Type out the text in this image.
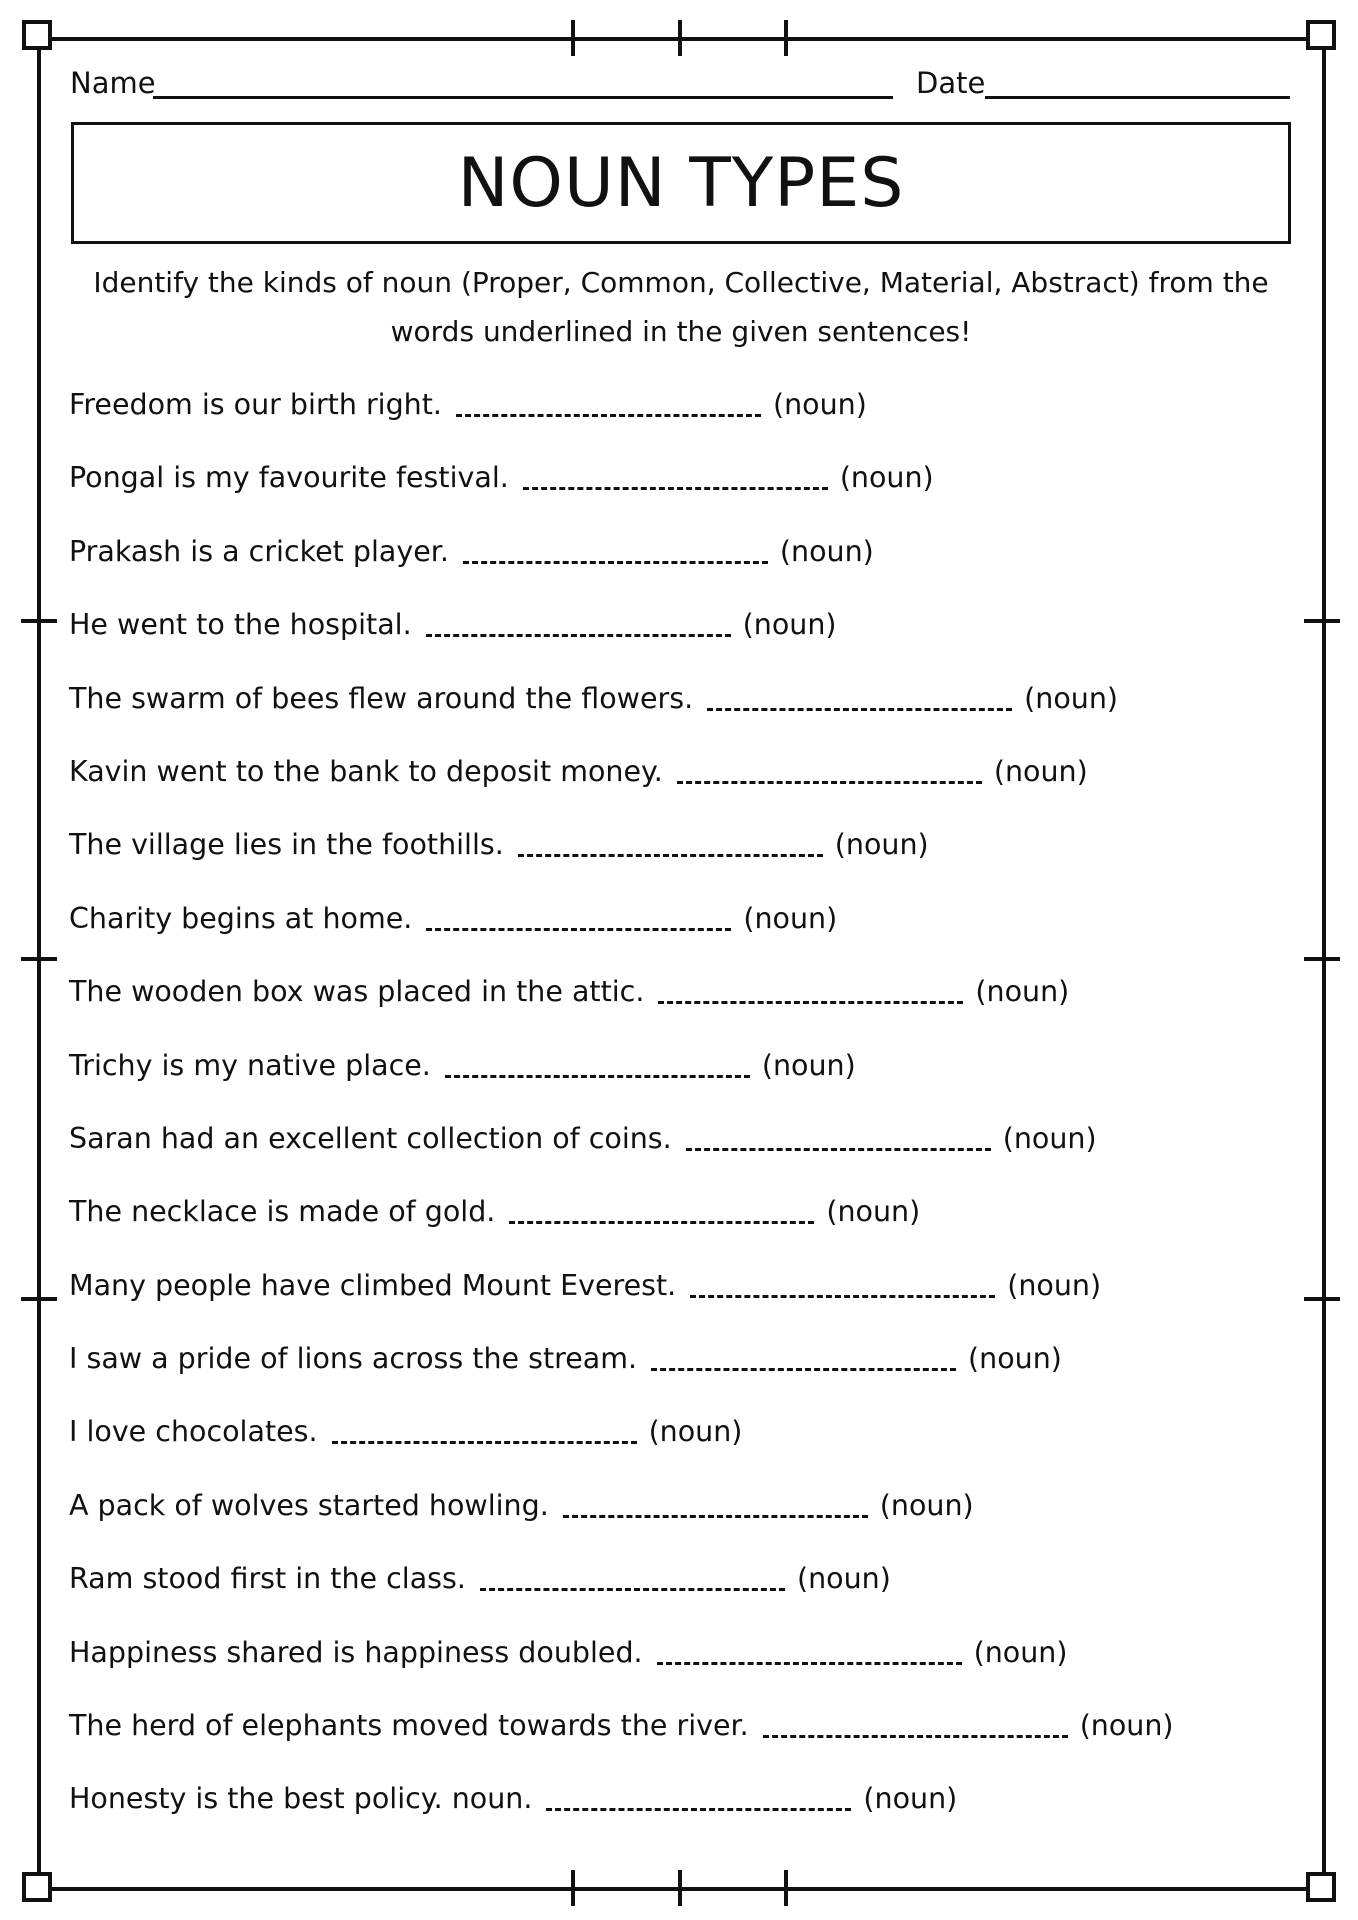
Name	Date
NOUN TYPES
Identify the kinds of noun (Proper, Common, Collective, Material, Abstract) from the words underlined in the given sentences!
Freedom is our birth right.	(noun)
Pongal is my favourite festival.	(noun)
Prakash is a cricket player.	(noun)
He went to the hospital.	(noun)
The swarm of bees flew around the flowers.	(noun)
Kavin went to the bank to deposit money.	(noun)
The village lies in the foothills.	(noun)
Charity begins at home.	(noun)
The wooden box was placed in the attic.	(noun)
Trichy is my native place.	(noun)
Saran had an excellent collection of coins.	(noun)
The necklace is made of gold.	(noun)
Many people have climbed Mount Everest.	(noun)
I saw a pride of lions across the stream.	(noun)
I love chocolates.	(noun)
A pack of wolves started howling.	(noun)
Ram stood first in the class.	(noun)
Happiness shared is happiness doubled.	(noun)
The herd of elephants moved towards the river.	(noun)
Honesty is the best policy. noun.	(noun)
